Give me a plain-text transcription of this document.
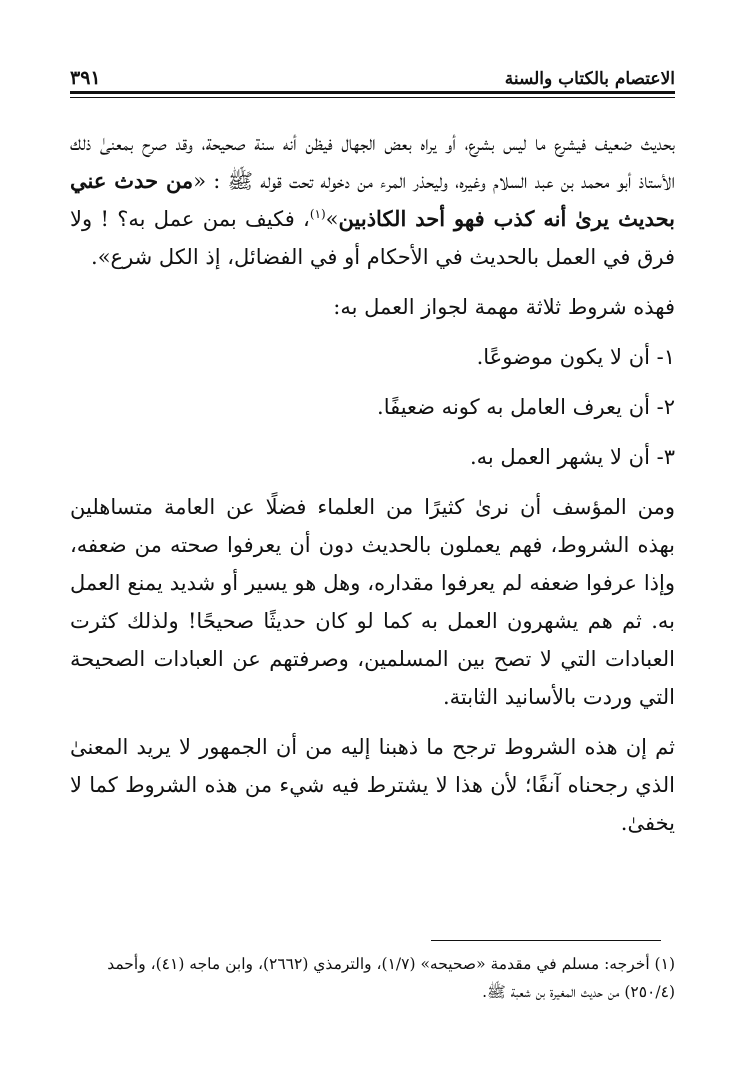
الاعتصام بالكتاب والسنة
٣٩١

بحديث ضعيف فيشرع ما ليس بشرع، أو يراه بعض الجهال فيظن أنه سنة صحيحة، وقد صرح بمعنىٰ ذلك الأستاذ أبو محمد بن عبد السلام وغيره، وليحذر المرء من دخوله تحت قوله ﷺ : «من حدث عني بحديث يرىٰ أنه كذب فهو أحد الكاذبين»$^{(١)}$، فكيف بمن عمل به؟ ! ولا فرق في العمل بالحديث في الأحكام أو في الفضائل، إذ الكل شرع».

فهذه شروط ثلاثة مهمة لجواز العمل به:

١- أن لا يكون موضوعًا.

٢- أن يعرف العامل به كونه ضعيفًا.

٣- أن لا يشهر العمل به.

ومن المؤسف أن نرىٰ كثيرًا من العلماء فضلًا عن العامة متساهلين بهذه الشروط، فهم يعملون بالحديث دون أن يعرفوا صحته من ضعفه، وإذا عرفوا ضعفه لم يعرفوا مقداره، وهل هو يسير أو شديد يمنع العمل به. ثم هم يشهرون العمل به كما لو كان حديثًا صحيحًا! ولذلك كثرت العبادات التي لا تصح بين المسلمين، وصرفتهم عن العبادات الصحيحة التي وردت بالأسانيد الثابتة.

ثم إن هذه الشروط ترجح ما ذهبنا إليه من أن الجمهور لا يريد المعنىٰ الذي رجحناه آنفًا؛ لأن هذا لا يشترط فيه شيء من هذه الشروط كما لا يخفىٰ.

(١) أخرجه: مسلم في مقدمة «صحيحه» (١/٧)، والترمذي (٢٦٦٢)، وابن ماجه (٤١)، وأحمد (٢٥٠/٤) من حديث المغيرة بن شعبة ﷺ.
